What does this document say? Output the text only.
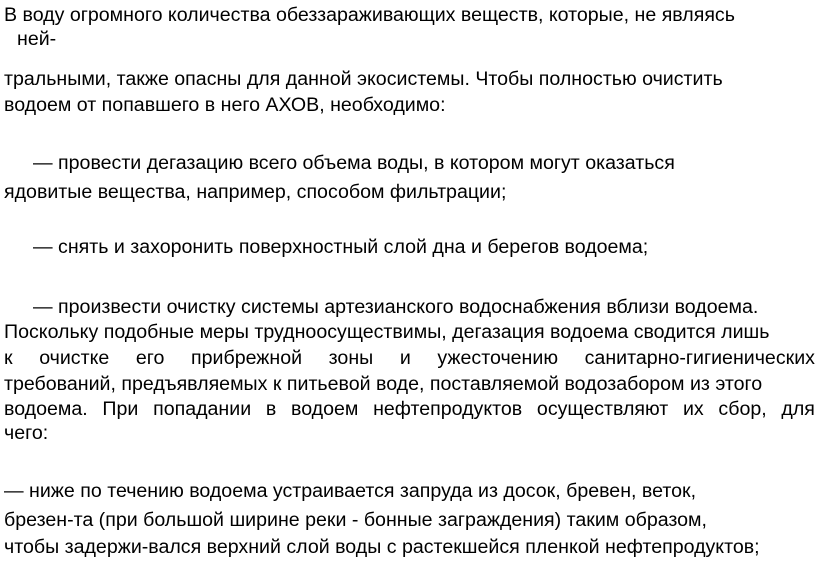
В воду огромного количества обеззараживающих веществ, которые, не являясь

ней-

тральными, также опасны для данной экосистемы. Чтобы полностью очистить

водоем от попавшего в него АХОВ, необходимо:

— провести дегазацию всего объема воды, в котором могут оказаться

ядовитые вещества, например, способом фильтрации;

— снять и захоронить поверхностный слой дна и берегов водоема;

— произвести очистку системы артезианского водоснабжения вблизи водоема.

Поскольку подобные меры трудноосуществимы, дегазация водоема сводится лишь

к очистке его прибрежной зоны и ужесточению санитарно-гигиенических

требований, предъявляемых к питьевой воде, поставляемой водозабором из этого

водоема. При попадании в водоем нефтепродуктов осуществляют их сбор, для

чего:

— ниже по течению водоема устраивается запруда из досок, бревен, веток,

брезен-та (при большой ширине реки - бонные заграждения) таким образом,

чтобы задержи-вался верхний слой воды с растекшейся пленкой нефтепродуктов;
